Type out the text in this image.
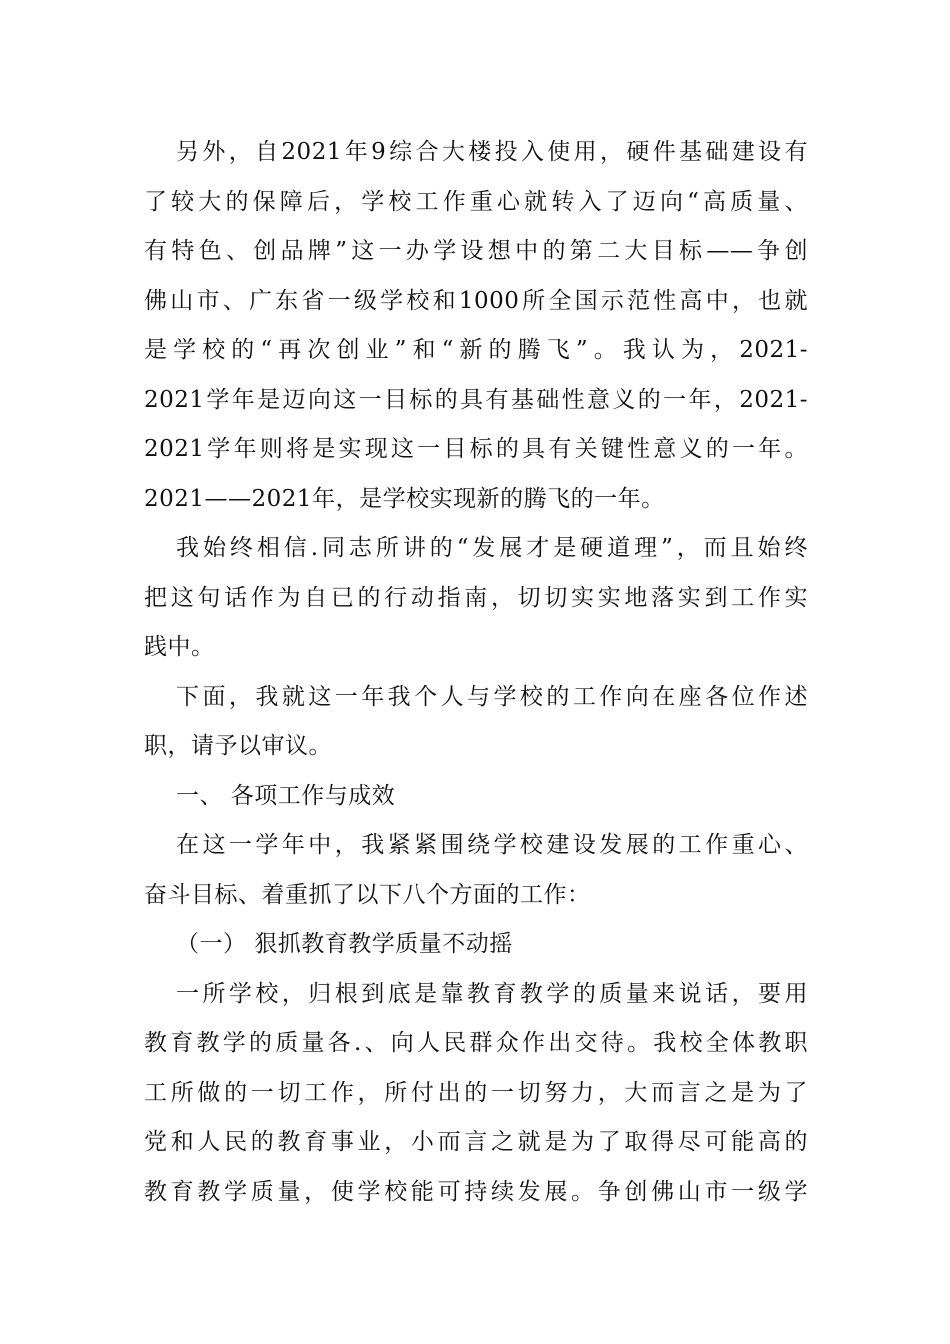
另外，自2021年9综合大楼投入使用，硬件基础建设有
了较大的保障后，学校工作重心就转入了迈向“高质量、
有特色、创品牌”这一办学设想中的第二大目标——争创
佛山市、广东省一级学校和1000所全国示范性高中，也就
是学校的“再次创业”和“新的腾飞”。我认为，2021-
2021学年是迈向这一目标的具有基础性意义的一年，2021-
2021学年则将是实现这一目标的具有关键性意义的一年。
2021——2021年，是学校实现新的腾飞的一年。
我始终相信.同志所讲的“发展才是硬道理”，而且始终
把这句话作为自已的行动指南，切切实实地落实到工作实
践中。
下面，我就这一年我个人与学校的工作向在座各位作述
职，请予以审议。
一、 各项工作与成效
在这一学年中，我紧紧围绕学校建设发展的工作重心、
奋斗目标、着重抓了以下八个方面的工作：
（一） 狠抓教育教学质量不动摇
一所学校，归根到底是靠教育教学的质量来说话，要用
教育教学的质量各.、向人民群众作出交待。我校全体教职
工所做的一切工作，所付出的一切努力，大而言之是为了
党和人民的教育事业，小而言之就是为了取得尽可能高的
教育教学质量，使学校能可持续发展。争创佛山市一级学
